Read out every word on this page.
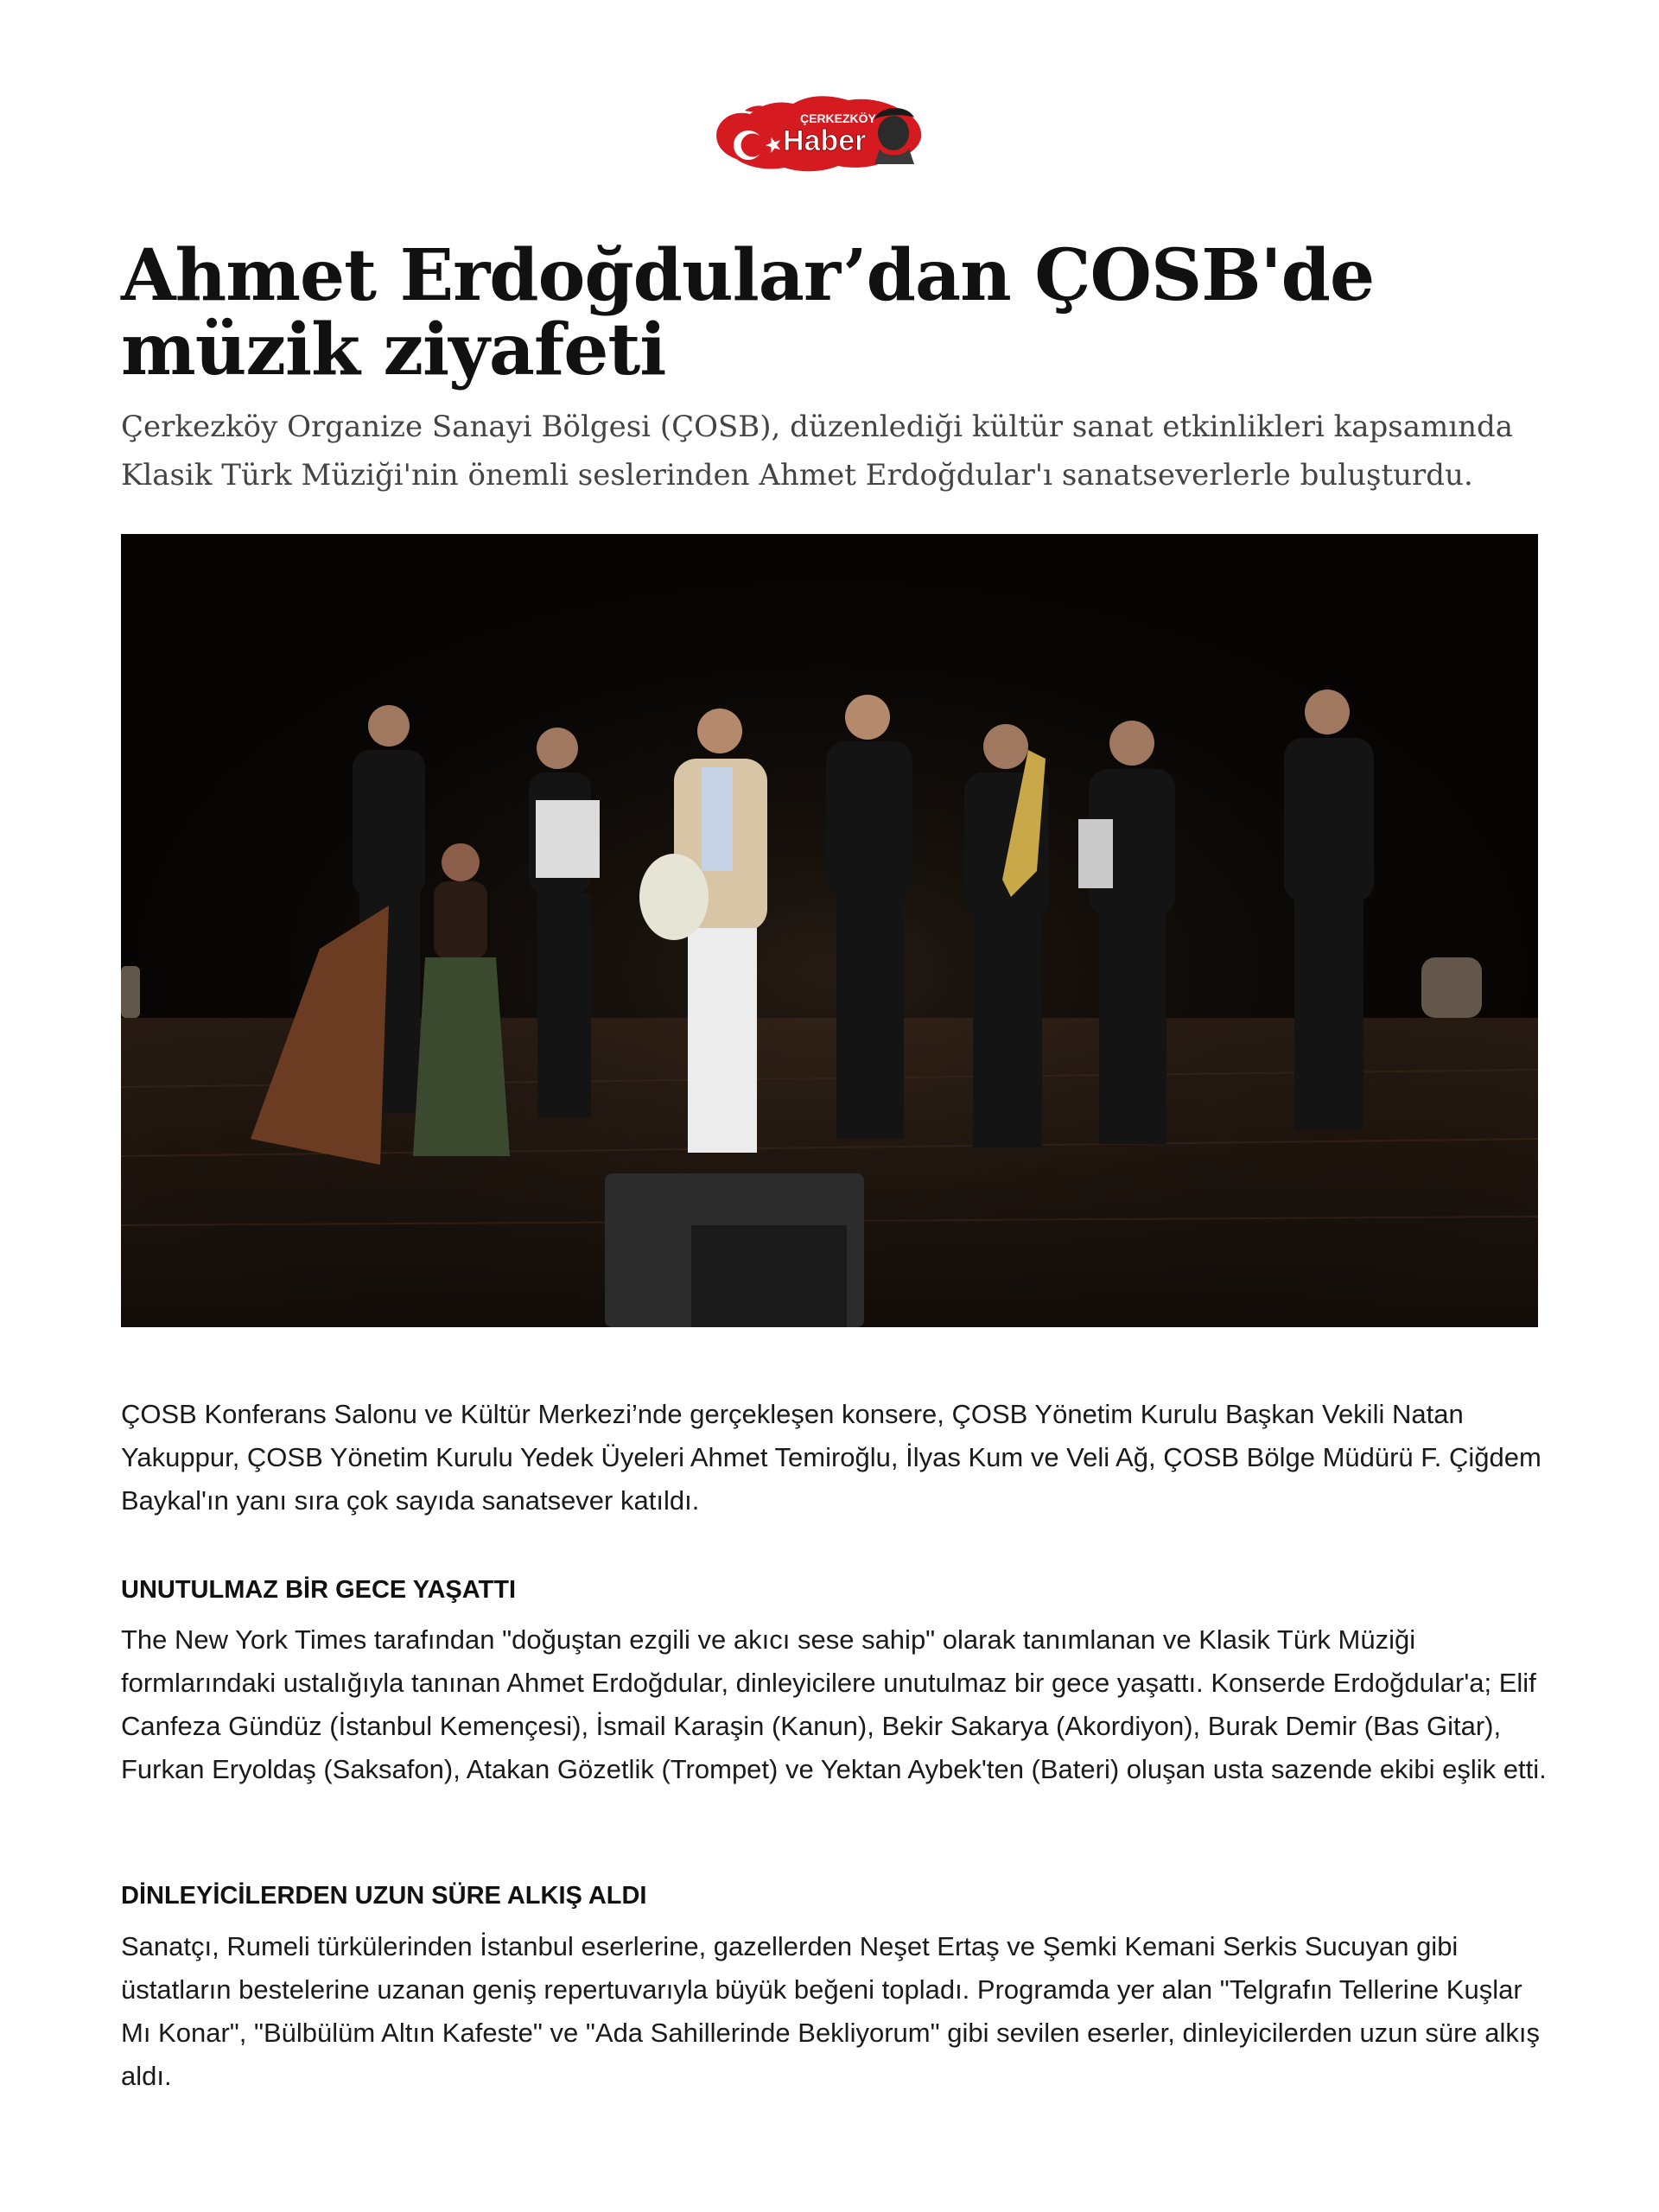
ÇERKEZKÖY
Haber
Ahmet Erdoğdular’dan ÇOSB'de müzik ziyafeti

Çerkezköy Organize Sanayi Bölgesi (ÇOSB), düzenlediği kültür sanat etkinlikleri kapsamında Klasik Türk Müziği'nin önemli seslerinden Ahmet Erdoğdular'ı sanatseverlerle buluşturdu.

ÇOSB Konferans Salonu ve Kültür Merkezi’nde gerçekleşen konsere, ÇOSB Yönetim Kurulu Başkan Vekili Natan Yakuppur, ÇOSB Yönetim Kurulu Yedek Üyeleri Ahmet Temiroğlu, İlyas Kum ve Veli Ağ, ÇOSB Bölge Müdürü F. Çiğdem Baykal'ın yanı sıra çok sayıda sanatsever katıldı.

UNUTULMAZ BİR GECE YAŞATTI

The New York Times tarafından "doğuştan ezgili ve akıcı sese sahip" olarak tanımlanan ve Klasik Türk Müziği formlarındaki ustalığıyla tanınan Ahmet Erdoğdular, dinleyicilere unutulmaz bir gece yaşattı. Konserde Erdoğdular'a; Elif Canfeza Gündüz (İstanbul Kemençesi), İsmail Karaşin (Kanun), Bekir Sakarya (Akordiyon), Burak Demir (Bas Gitar), Furkan Eryoldaş (Saksafon), Atakan Gözetlik (Trompet) ve Yektan Aybek'ten (Bateri) oluşan usta sazende ekibi eşlik etti.

DİNLEYİCİLERDEN UZUN SÜRE ALKIŞ ALDI

Sanatçı, Rumeli türkülerinden İstanbul eserlerine, gazellerden Neşet Ertaş ve Şemki Kemani Serkis Sucuyan gibi üstatların bestelerine uzanan geniş repertuvarıyla büyük beğeni topladı. Programda yer alan "Telgrafın Tellerine Kuşlar Mı Konar", "Bülbülüm Altın Kafeste" ve "Ada Sahillerinde Bekliyorum" gibi sevilen eserler, dinleyicilerden uzun süre alkış aldı.
